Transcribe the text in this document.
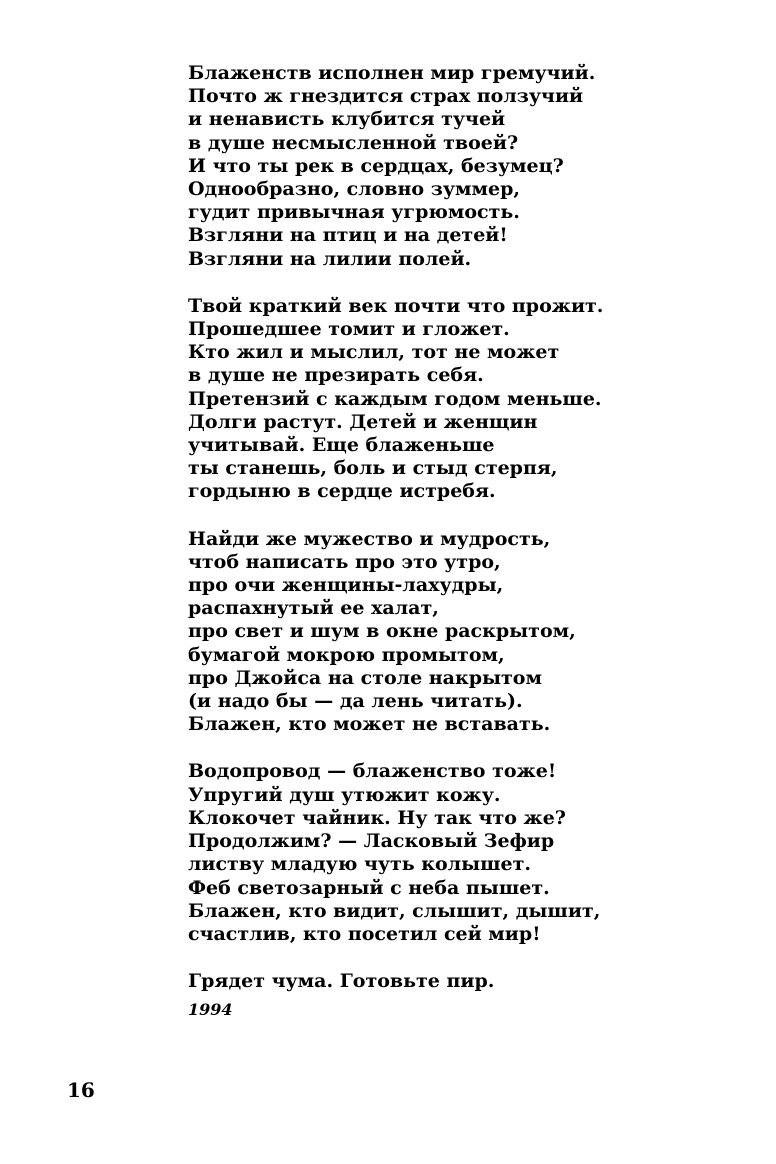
Блаженств исполнен мир гремучий.
Почто ж гнездится страх ползучий
и ненависть клубится тучей
в душе несмысленной твоей?
И что ты рек в сердцах, безумец?
Однообразно, словно зуммер,
гудит привычная угрюмость.
Взгляни на птиц и на детей!
Взгляни на лилии полей.
Твой краткий век почти что прожит.
Прошедшее томит и гложет.
Кто жил и мыслил, тот не может
в душе не презирать себя.
Претензий с каждым годом меньше.
Долги растут. Детей и женщин
учитывай. Еще блаженьше
ты станешь, боль и стыд стерпя,
гордыню в сердце истребя.
Найди же мужество и мудрость,
чтоб написать про это утро,
про очи женщины-лахудры,
распахнутый ее халат,
про свет и шум в окне раскрытом,
бумагой мокрою промытом,
про Джойса на столе накрытом
(и надо бы — да лень читать).
Блажен, кто может не вставать.
Водопровод — блаженство тоже!
Упругий душ утюжит кожу.
Клокочет чайник. Ну так что же?
Продолжим? — Ласковый Зефир
листву младую чуть колышет.
Феб светозарный с неба пышет.
Блажен, кто видит, слышит, дышит,
счастлив, кто посетил сей мир!
Грядет чума. Готовьте пир.
1994
16
